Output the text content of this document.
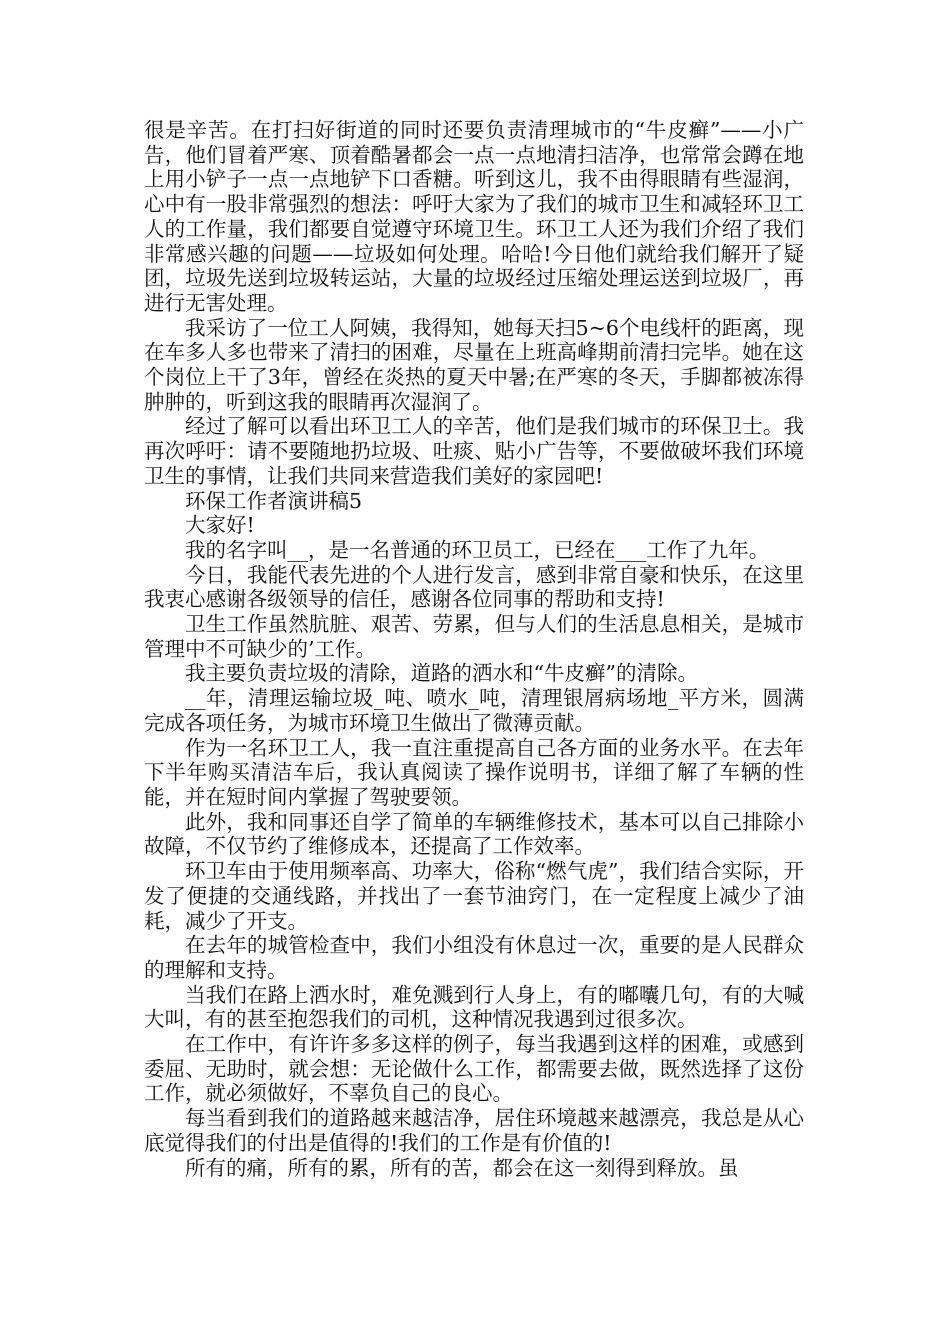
很是辛苦。在打扫好街道的同时还要负责清理城市的“牛皮癣”——小广告，他们冒着严寒、顶着酷暑都会一点一点地清扫洁净，也常常会蹲在地上用小铲子一点一点地铲下口香糖。听到这儿，我不由得眼睛有些湿润，心中有一股非常强烈的想法：呼吁大家为了我们的城市卫生和减轻环卫工人的工作量，我们都要自觉遵守环境卫生。环卫工人还为我们介绍了我们非常感兴趣的问题——垃圾如何处理。哈哈!今日他们就给我们解开了疑团，垃圾先送到垃圾转运站，大量的垃圾经过压缩处理运送到垃圾厂，再进行无害处理。

我采访了一位工人阿姨，我得知，她每天扫5~6个电线杆的距离，现在车多人多也带来了清扫的困难，尽量在上班高峰期前清扫完毕。她在这个岗位上干了3年，曾经在炎热的夏天中暑;在严寒的冬天，手脚都被冻得肿肿的，听到这我的眼睛再次湿润了。

经过了解可以看出环卫工人的辛苦，他们是我们城市的环保卫士。我再次呼吁：请不要随地扔垃圾、吐痰、贴小广告等，不要做破坏我们环境卫生的事情，让我们共同来营造我们美好的家园吧!

环保工作者演讲稿5

大家好!

我的名字叫__，是一名普通的环卫员工，已经在___工作了九年。

今日，我能代表先进的个人进行发言，感到非常自豪和快乐，在这里我衷心感谢各级领导的信任，感谢各位同事的帮助和支持!

卫生工作虽然肮脏、艰苦、劳累，但与人们的生活息息相关，是城市管理中不可缺少的’工作。

我主要负责垃圾的清除，道路的洒水和“牛皮癣”的清除。

__年，清理运输垃圾_吨、喷水_吨，清理银屑病场地_平方米，圆满完成各项任务，为城市环境卫生做出了微薄贡献。

作为一名环卫工人，我一直注重提高自己各方面的业务水平。在去年下半年购买清洁车后，我认真阅读了操作说明书，详细了解了车辆的性能，并在短时间内掌握了驾驶要领。

此外，我和同事还自学了简单的车辆维修技术，基本可以自己排除小故障，不仅节约了维修成本，还提高了工作效率。

环卫车由于使用频率高、功率大，俗称“燃气虎”，我们结合实际，开发了便捷的交通线路，并找出了一套节油窍门，在一定程度上减少了油耗，减少了开支。

在去年的城管检查中，我们小组没有休息过一次，重要的是人民群众的理解和支持。

当我们在路上洒水时，难免溅到行人身上，有的嘟囔几句，有的大喊大叫，有的甚至抱怨我们的司机，这种情况我遇到过很多次。

在工作中，有许许多多这样的例子，每当我遇到这样的困难，或感到委屈、无助时，就会想：无论做什么工作，都需要去做，既然选择了这份工作，就必须做好，不辜负自己的良心。

每当看到我们的道路越来越洁净，居住环境越来越漂亮，我总是从心底觉得我们的付出是值得的!我们的工作是有价值的!

所有的痛，所有的累，所有的苦，都会在这一刻得到释放。虽
